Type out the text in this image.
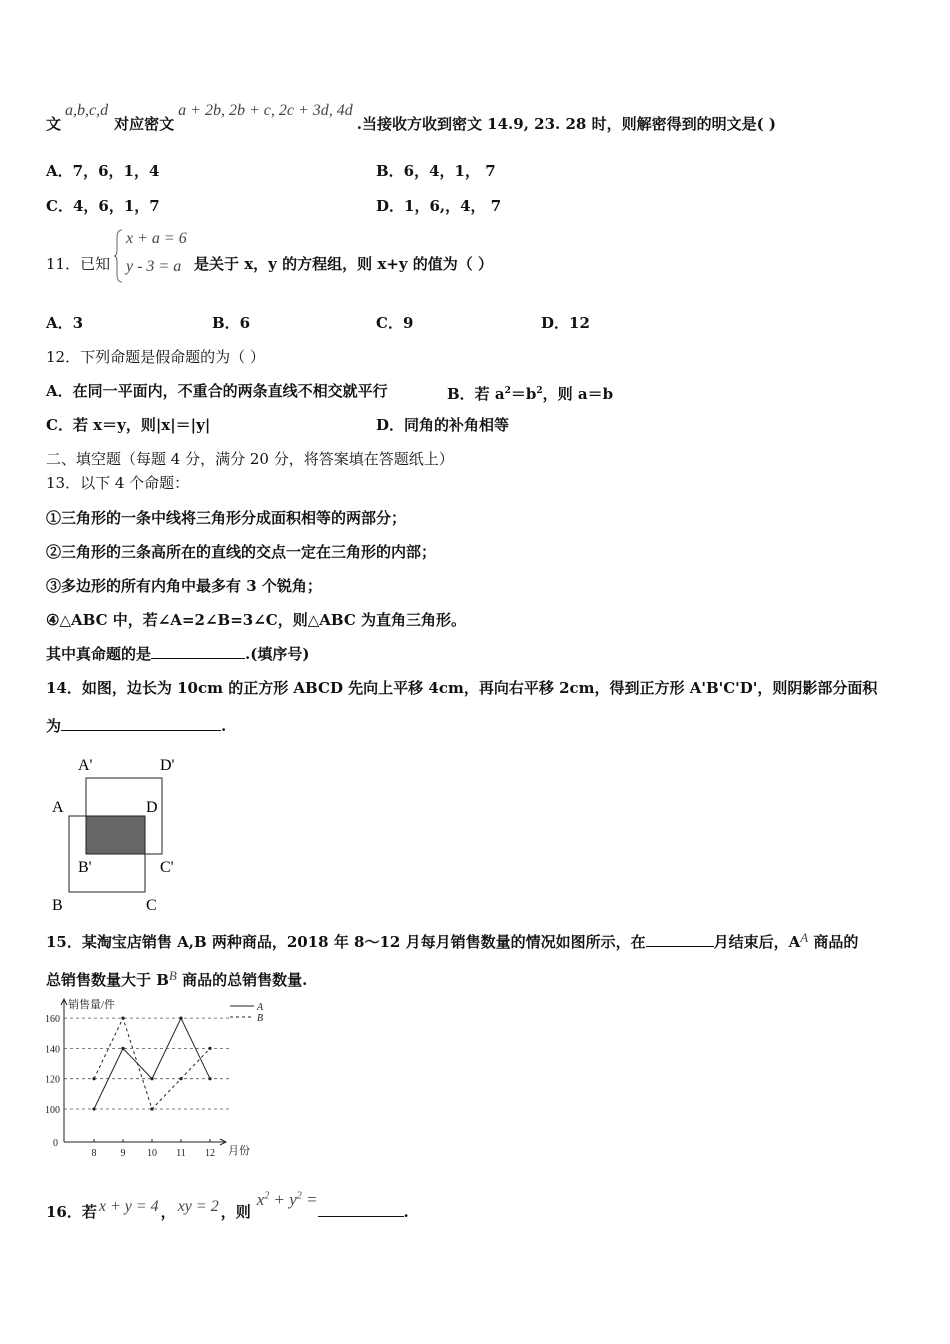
文a,b,c,d对应密文a + 2b, 2b + c, 2c + 3d, 4d.当接收方收到密文 14.9, 23. 28 时，则解密得到的明文是( )
A．7，6，1，4	B．6，4，1， 7
C．4，6，1，7	D．1，6,，4， 7
11．已知
x + a = 6
y - 3 = a 是关于 x，y 的方程组，则 x+y 的值为（ ）
A．3	B．6	C．9	D．12
12．下列命题是假命题的为（ ）
A．在同一平面内，不重合的两条直线不相交就平行	B．若 $a^2=b^2$，则 a＝b
C．若 x＝y，则|x|＝|y|	D．同角的补角相等
二、填空题（每题 4 分，满分 20 分，将答案填在答题纸上）
13．以下 4 个命题：
①三角形的一条中线将三角形分成面积相等的两部分；
②三角形的三条高所在的直线的交点一定在三角形的内部；
③多边形的所有内角中最多有 3 个锐角；
④△ABC 中，若∠A=2∠B=3∠C，则△ABC 为直角三角形。
其中真命题的是	.(填序号)
14．如图，边长为 10cm 的正方形 ABCD 先向上平移 4cm，再向右平移 2cm，得到正方形 A'B'C'D'，则阴影部分面积
为	.
A'	D'
A	D
B'	C'
B	C
15．某淘宝店销售 A,B 两种商品，2018 年 8～12 月每月销售数量的情况如图所示，在	月结束后，AA 商品的
总销售数量大于 BB 商品的总销售数量.
0
100
120
140
160
8 9 10 11 12
销售量/件
月份
A
B
16．若 x + y = 4 ， xy = 2 ，则$x^2 + y^2$ =.
